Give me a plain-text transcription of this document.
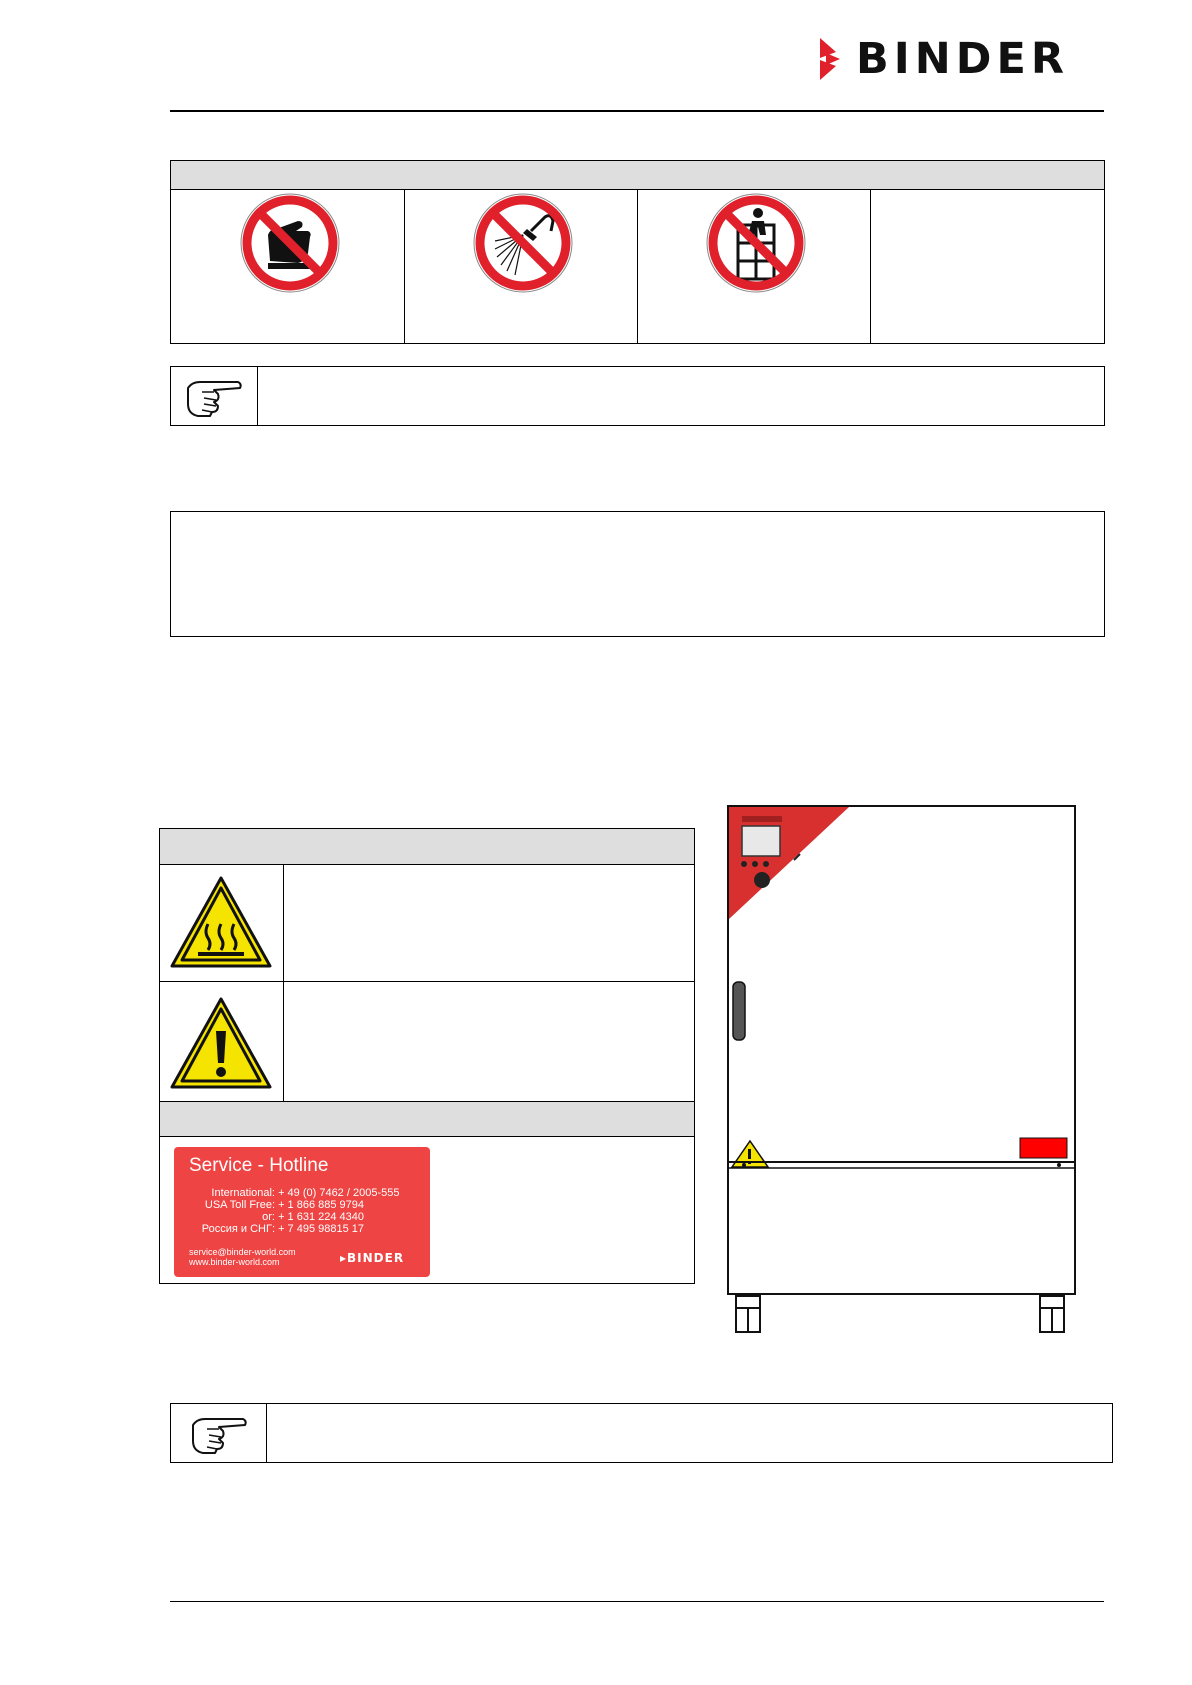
BINDER
Service - Hotline
International: + 49 (0) 7462 / 2005-555
USA Toll Free: + 1 866 885 9794
or: + 1 631 224 4340
Россия и СНГ: + 7 495 98815 17
service@binder-world.com
www.binder-world.com	▸BINDER
